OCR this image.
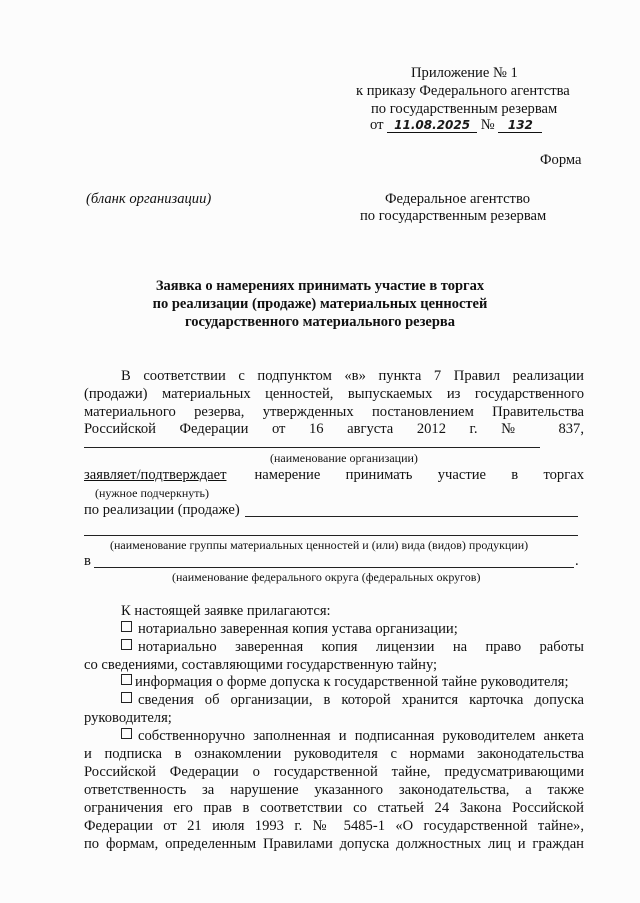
Приложение № 1
к приказу Федерального агентства
по государственным резервам
от 11.08.2025 № 132
Форма
(бланк организации)	Федеральное агентство
по государственным резервам
Заявка о намерениях принимать участие в торгах
по реализации (продаже) материальных ценностей
государственного материального резерва
В соответствии с подпунктом «в» пункта 7 Правил реализации
(продажи) материальных ценностей, выпускаемых из государственного
материального резерва, утвержденных постановлением Правительства
Российской Федерации от 16 августа 2012 г. № 837,
(наименование организации)
заявляет/подтверждает намерение принимать участие в торгах
(нужное подчеркнуть)
по реализации (продаже)
(наименование группы материальных ценностей и (или) вида (видов) продукции)
в	.
(наименование федерального округа (федеральных округов)
К настоящей заявке прилагаются:
нотариально заверенная копия устава организации;
нотариально заверенная копия лицензии на право работы
со сведениями, составляющими государственную тайну;
информация о форме допуска к государственной тайне руководителя;
сведения об организации, в которой хранится карточка допуска
руководителя;
собственноручно заполненная и подписанная руководителем анкета
и подписка в ознакомлении руководителя с нормами законодательства
Российской Федерации о государственной тайне, предусматривающими
ответственность за нарушение указанного законодательства, а также
ограничения его прав в соответствии со статьей 24 Закона Российской
Федерации от 21 июля 1993 г. № 5485-1 «О государственной тайне»,
по формам, определенным Правилами допуска должностных лиц и граждан
